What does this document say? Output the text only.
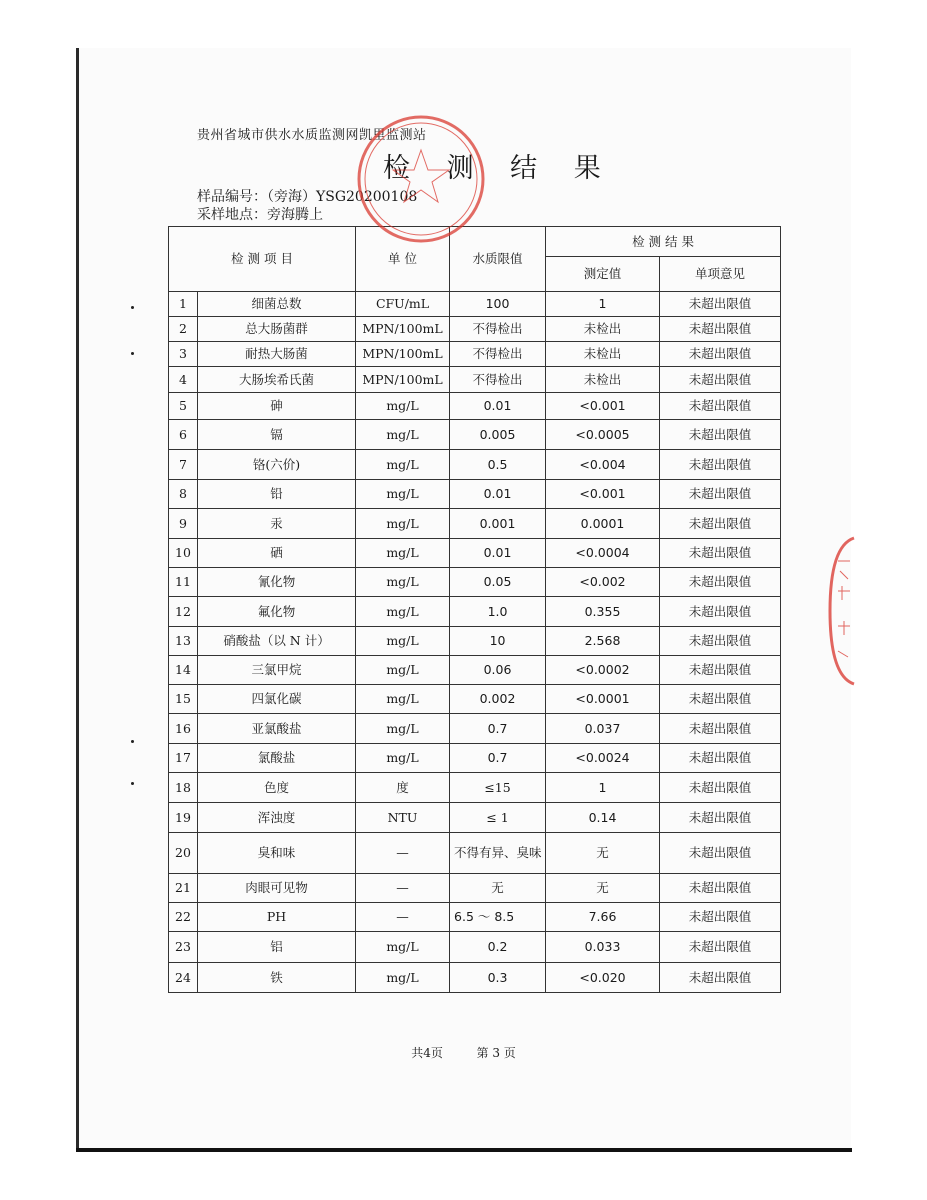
贵州省城市供水水质监测网凯里监测站
检 测 结 果
样品编号：（旁海）YSG20200108
采样地点：旁海腾上
检 测 项 目		单 位	水质限值	检 测 结 果	
				测定值	单项意见
1	细菌总数	CFU/mL	100	1	未超出限值
2	总大肠菌群	MPN/100mL	不得检出	未检出	未超出限值
3	耐热大肠菌	MPN/100mL	不得检出	未检出	未超出限值
4	大肠埃希氏菌	MPN/100mL	不得检出	未检出	未超出限值
5	砷	mg/L	0.01	<0.001	未超出限值
6	镉	mg/L	0.005	<0.0005	未超出限值
7	铬(六价)	mg/L	0.5	<0.004	未超出限值
8	铅	mg/L	0.01	<0.001	未超出限值
9	汞	mg/L	0.001	0.0001	未超出限值
10	硒	mg/L	0.01	<0.0004	未超出限值
11	氰化物	mg/L	0.05	<0.002	未超出限值
12	氟化物	mg/L	1.0	0.355	未超出限值
13	硝酸盐（以 N 计）	mg/L	10	2.568	未超出限值
14	三氯甲烷	mg/L	0.06	<0.0002	未超出限值
15	四氯化碳	mg/L	0.002	<0.0001	未超出限值
16	亚氯酸盐	mg/L	0.7	0.037	未超出限值
17	氯酸盐	mg/L	0.7	<0.0024	未超出限值
18	色度	度	≤15	1	未超出限值
19	浑浊度	NTU	≤ 1	0.14	未超出限值
20	臭和味	—	不得有异、臭味	无	未超出限值
21	肉眼可见物	—	无	无	未超出限值
22	PH	—	6.5 ～ 8.5	7.66	未超出限值
23	铝	mg/L	0.2	0.033	未超出限值
24	铁	mg/L	0.3	<0.020	未超出限值
共4页	第 3 页
